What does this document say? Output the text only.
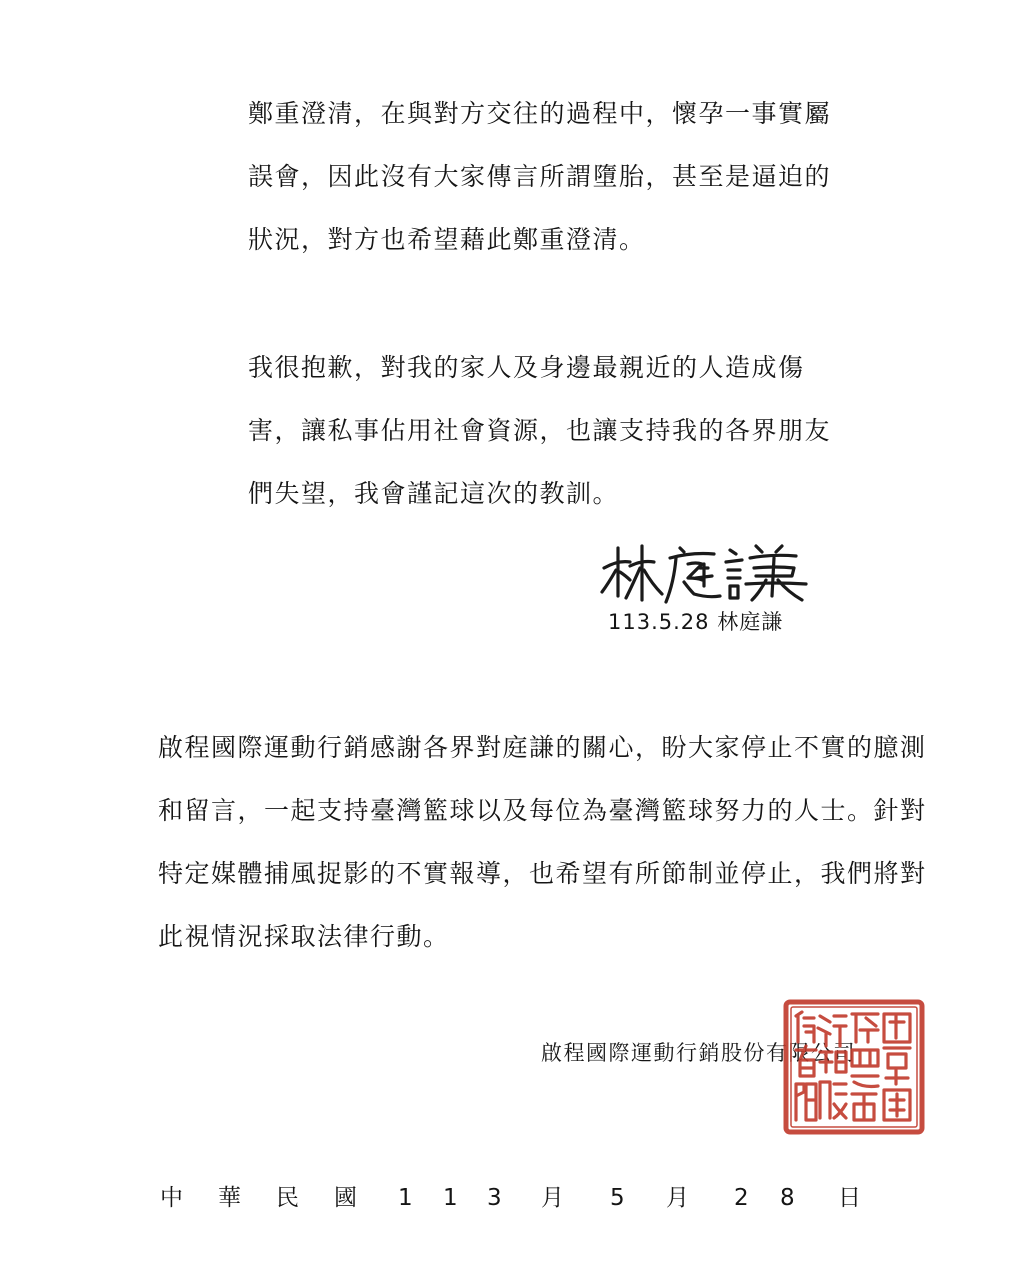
鄭重澄清，在與對方交往的過程中，懷孕一事實屬
誤會，因此沒有大家傳言所謂墮胎，甚至是逼迫的
狀況，對方也希望藉此鄭重澄清。

我很抱歉，對我的家人及身邊最親近的人造成傷
害，讓私事佔用社會資源，也讓支持我的各界朋友
們失望，我會謹記這次的教訓。

113.5.28 林庭謙

啟程國際運動行銷感謝各界對庭謙的關心，盼大家停止不實的臆測
和留言，一起支持臺灣籃球以及每位為臺灣籃球努力的人士。針對
特定媒體捕風捉影的不實報導，也希望有所節制並停止，我們將對
此視情況採取法律行動。

啟程國際運動行銷股份有限公司
中 華 民 國 1 1 3 月 5 月 2 8 日
